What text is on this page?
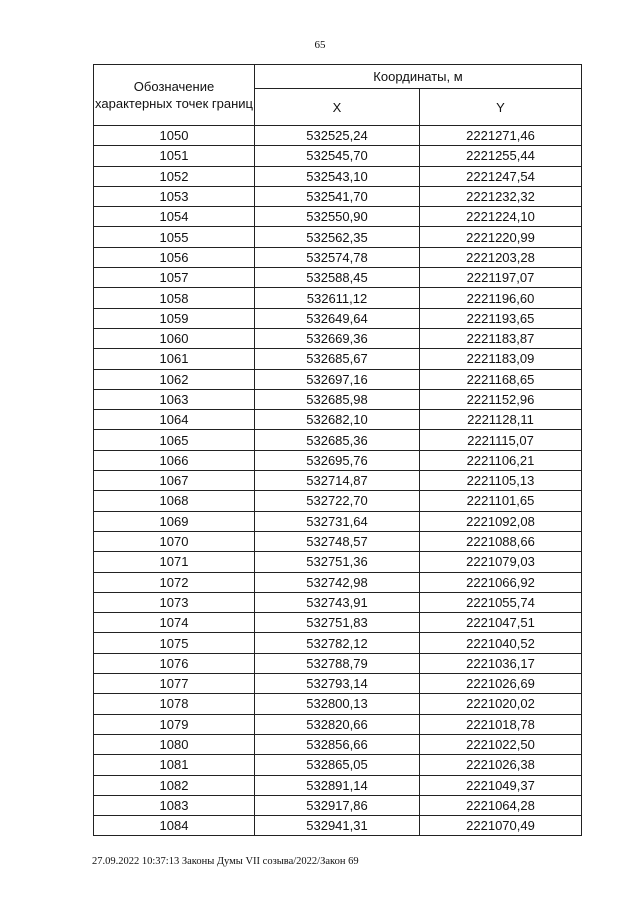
65
Обозначение характерных точек границ	Координаты, м	
	X	Y
1050	532525,24	2221271,46
1051	532545,70	2221255,44
1052	532543,10	2221247,54
1053	532541,70	2221232,32
1054	532550,90	2221224,10
1055	532562,35	2221220,99
1056	532574,78	2221203,28
1057	532588,45	2221197,07
1058	532611,12	2221196,60
1059	532649,64	2221193,65
1060	532669,36	2221183,87
1061	532685,67	2221183,09
1062	532697,16	2221168,65
1063	532685,98	2221152,96
1064	532682,10	2221128,11
1065	532685,36	2221115,07
1066	532695,76	2221106,21
1067	532714,87	2221105,13
1068	532722,70	2221101,65
1069	532731,64	2221092,08
1070	532748,57	2221088,66
1071	532751,36	2221079,03
1072	532742,98	2221066,92
1073	532743,91	2221055,74
1074	532751,83	2221047,51
1075	532782,12	2221040,52
1076	532788,79	2221036,17
1077	532793,14	2221026,69
1078	532800,13	2221020,02
1079	532820,66	2221018,78
1080	532856,66	2221022,50
1081	532865,05	2221026,38
1082	532891,14	2221049,37
1083	532917,86	2221064,28
1084	532941,31	2221070,49
27.09.2022 10:37:13 Законы Думы VII созыва/2022/Закон 69
